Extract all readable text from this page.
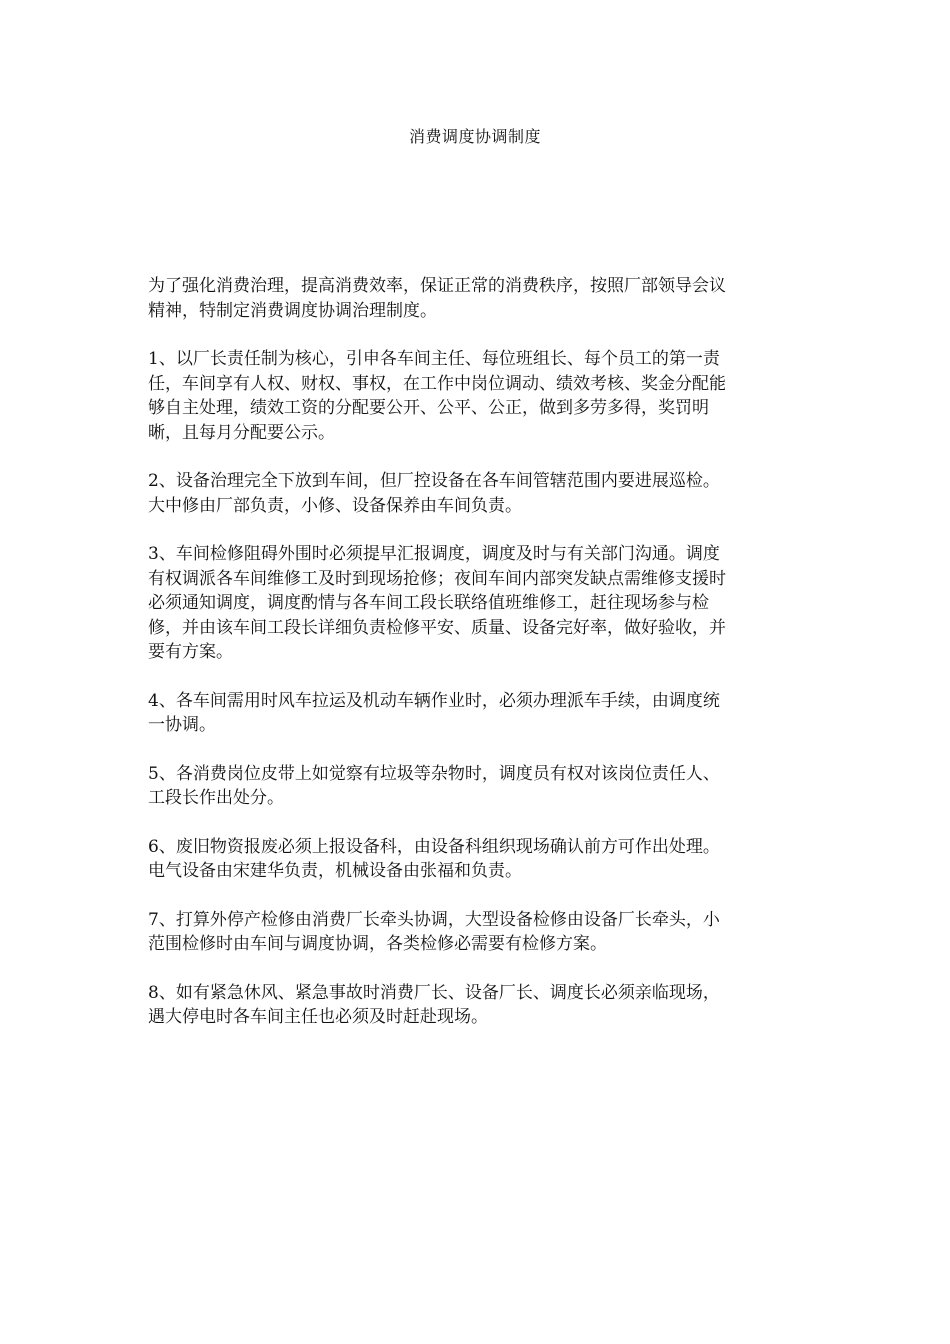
消费调度协调制度

为了强化消费治理，提高消费效率，保证正常的消费秩序，按照厂部领导会议
精神，特制定消费调度协调治理制度。

1、以厂长责任制为核心，引申各车间主任、每位班组长、每个员工的第一责
任，车间享有人权、财权、事权，在工作中岗位调动、绩效考核、奖金分配能
够自主处理，绩效工资的分配要公开、公平、公正，做到多劳多得，奖罚明
晰，且每月分配要公示。

2、设备治理完全下放到车间，但厂控设备在各车间管辖范围内要进展巡检。
大中修由厂部负责，小修、设备保养由车间负责。

3、车间检修阻碍外围时必须提早汇报调度，调度及时与有关部门沟通。调度
有权调派各车间维修工及时到现场抢修；夜间车间内部突发缺点需维修支援时
必须通知调度，调度酌情与各车间工段长联络值班维修工，赶往现场参与检
修，并由该车间工段长详细负责检修平安、质量、设备完好率，做好验收，并
要有方案。

4、各车间需用时风车拉运及机动车辆作业时，必须办理派车手续，由调度统
一协调。

5、各消费岗位皮带上如觉察有垃圾等杂物时，调度员有权对该岗位责任人、
工段长作出处分。

6、废旧物资报废必须上报设备科，由设备科组织现场确认前方可作出处理。
电气设备由宋建华负责，机械设备由张福和负责。

7、打算外停产检修由消费厂长牵头协调，大型设备检修由设备厂长牵头，小
范围检修时由车间与调度协调，各类检修必需要有检修方案。

8、如有紧急休风、紧急事故时消费厂长、设备厂长、调度长必须亲临现场，
遇大停电时各车间主任也必须及时赶赴现场。
